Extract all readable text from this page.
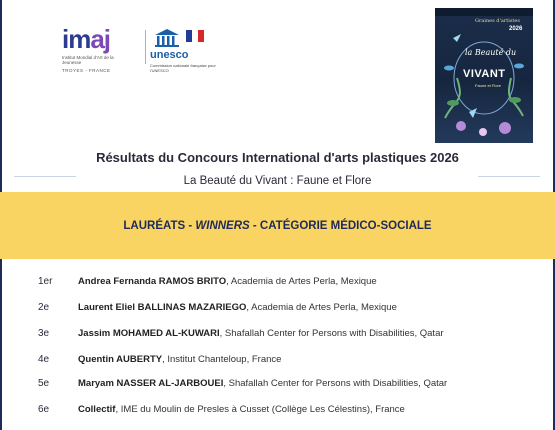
imaj
Institut Mondial d'Art de la Jeunesse
TROYES - FRANCE
unesco
Commission nationale française pour l'UNESCO
Graines d'artistes
2026
la Beauté du
VIVANT
Faune et Flore
Résultats du Concours International d'arts plastiques 2026
La Beauté du Vivant : Faune et Flore
LAURÉATS - WINNERS - CATÉGORIE MÉDICO-SOCIALE
1er	Andrea Fernanda RAMOS BRITO, Academia de Artes Perla, Mexique
2e	Laurent Eliel BALLINAS MAZARIEGO, Academia de Artes Perla, Mexique
3e	Jassim MOHAMED AL-KUWARI, Shafallah Center for Persons with Disabilities, Qatar
4e	Quentin AUBERTY, Institut Chanteloup, France
5e	Maryam NASSER AL-JARBOUEI, Shafallah Center for Persons with Disabilities, Qatar
6e	Collectif, IME du Moulin de Presles à Cusset (Collège Les Célestins), France
